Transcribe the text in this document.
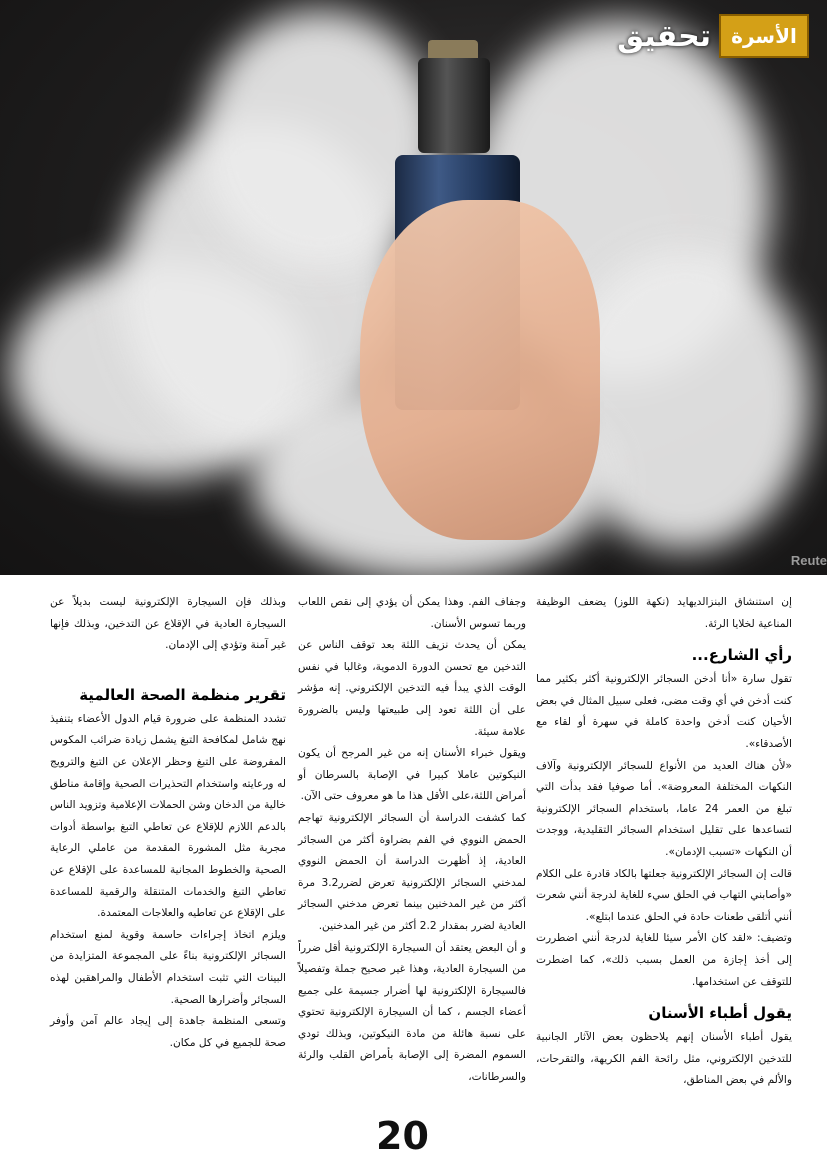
Reute
الأسرة
تحقيق

إن استنشاق البنزالديهايد (نكهة اللوز) يضعف الوظيفة المناعية لخلايا الرئة.

رأي الشارع...

تقول سارة «أنا أدخن السجائر الإلكترونية أكثر بكثير مما كنت أدخن في أي وقت مضى، فعلى سبيل المثال في بعض الأحيان كنت أدخن واحدة كاملة في سهرة أو لقاء مع الأصدقاء».

«لأن هناك العديد من الأنواع للسجائر الإلكترونية وآلاف النكهات المختلفة المعروضة». أما صوفيا فقد بدأت التي تبلغ من العمر 24 عاما، باستخدام السجائر الإلكترونية لتساعدها على تقليل استخدام السجائر التقليدية، ووجدت أن النكهات «تسبب الإدمان».

قالت إن السجائر الإلكترونية جعلتها بالكاد قادرة على الكلام «وأصابني التهاب في الحلق سيء للغاية لدرجة أنني شعرت أنني أتلقى طعنات حادة في الحلق عندما ابتلع».

وتضيف: «لقد كان الأمر سيئا للغاية لدرجة أنني اضطررت إلى أخذ إجازة من العمل بسبب ذلك»، كما اضطرت للتوقف عن استخدامها.

يقول أطباء الأسنان

يقول أطباء الأسنان إنهم يلاحظون بعض الآثار الجانبية للتدخين الإلكتروني، مثل رائحة الفم الكريهة، والتقرحات، والألم في بعض المناطق،

وجفاف الفم. وهذا يمكن أن يؤدي إلى نقص اللعاب وربما تسوس الأسنان.

يمكن أن يحدث نزيف اللثة بعد توقف الناس عن التدخين مع تحسن الدورة الدموية، وغالبا في نفس الوقت الذي يبدأ فيه التدخين الإلكتروني. إنه مؤشر على أن اللثة تعود إلى طبيعتها وليس بالضرورة علامة سيئة.

ويقول خبراء الأسنان إنه من غير المرجح أن يكون النيكوتين عاملا كبيرا في الإصابة بالسرطان أو أمراض اللثة،على الأقل هذا ما هو معروف حتى الآن.

كما كشفت الدراسة أن السجائر الإلكترونية تهاجم الحمض النووي في الفم بضراوة أكثر من السجائر العادية، إذ أظهرت الدراسة أن الحمض النووي لمدخني السجائر الإلكترونية تعرض لضرر3.2 مرة أكثر من غير المدخنين بينما تعرض مدخني السجائر العادية لضرر بمقدار 2.2 أكثر من غير المدخنين.

و أن البعض يعتقد أن السيجارة الإلكترونية أقل ضرراً من السيجارة العادية، وهذا غير صحيح جملة وتفصيلاً فالسيجارة الإلكترونية لها أضرار جسيمة على جميع أعضاء الجسم ، كما أن السيجارة الإلكترونية تحتوي على نسبة هائلة من مادة النيكوتين، وبذلك تودي السموم المضرة إلى الإصابة بأمراض القلب والرئة والسرطانات،

وبذلك فإن السيجارة الإلكترونية ليست بديلاً عن السيجارة العادية في الإقلاع عن التدخين، وبذلك فإنها غير آمنة وتؤدي إلى الإدمان.

تقرير منظمة الصحة العالمية

تشدد المنظمة على ضرورة قيام الدول الأعضاء بتنفيذ نهج شامل لمكافحة التبغ يشمل زيادة ضرائب المكوس المفروضة على التبغ وحظر الإعلان عن التبغ والترويج له ورعايته واستخدام التحذيرات الصحية وإقامة مناطق خالية من الدخان وشن الحملات الإعلامية وتزويد الناس بالدعم اللازم للإقلاع عن تعاطي التبغ بواسطة أدوات مجربة مثل المشورة المقدمة من عاملي الرعاية الصحية والخطوط المجانية للمساعدة على الإقلاع عن تعاطي التبغ والخدمات المتنقلة والرقمية للمساعدة على الإقلاع عن تعاطيه والعلاجات المعتمدة.

ويلزم اتخاذ إجراءات حاسمة وقوية لمنع استخدام السجائر الإلكترونية بناءً على المجموعة المتزايدة من البينات التي تثبت استخدام الأطفال والمراهقين لهذه السجائر وأضرارها الصحية.

وتسعى المنظمة جاهدة إلى إيجاد عالم آمن وأوفر صحة للجميع في كل مكان.

20
